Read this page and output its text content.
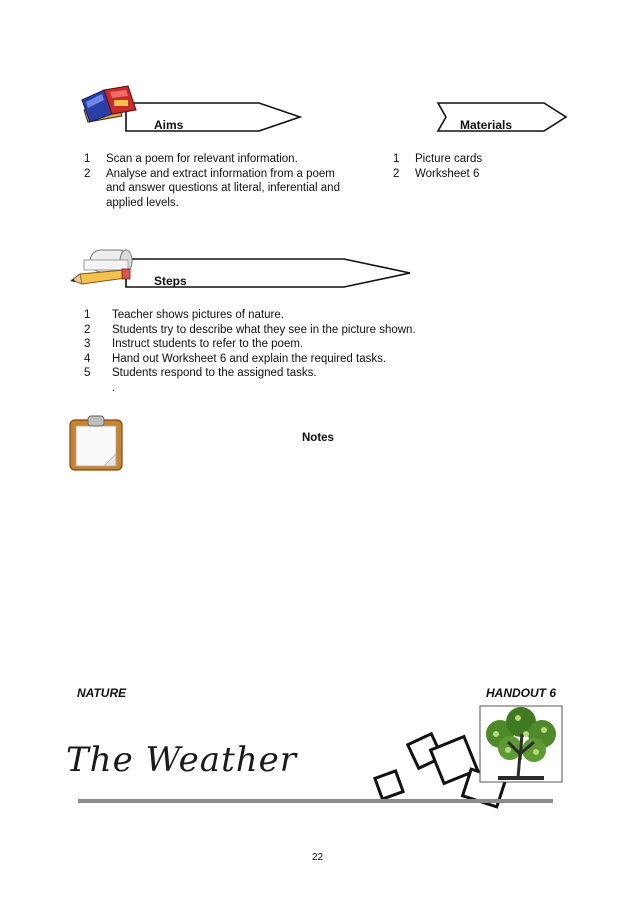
Aims	Materials
1	Scan a poem for relevant information.
2	Analyse and extract information from a poem and answer questions at literal, inferential and applied levels.
1	Picture cards
2	Worksheet 6
Steps
1	Teacher shows pictures of nature.
2	Students try to describe what they see in the picture shown.
3	Instruct students to refer to the poem.
4	Hand out Worksheet 6 and explain the required tasks.
5	Students respond to the assigned tasks.
.
Notes
NATURE	HANDOUT 6
The Weather
22
